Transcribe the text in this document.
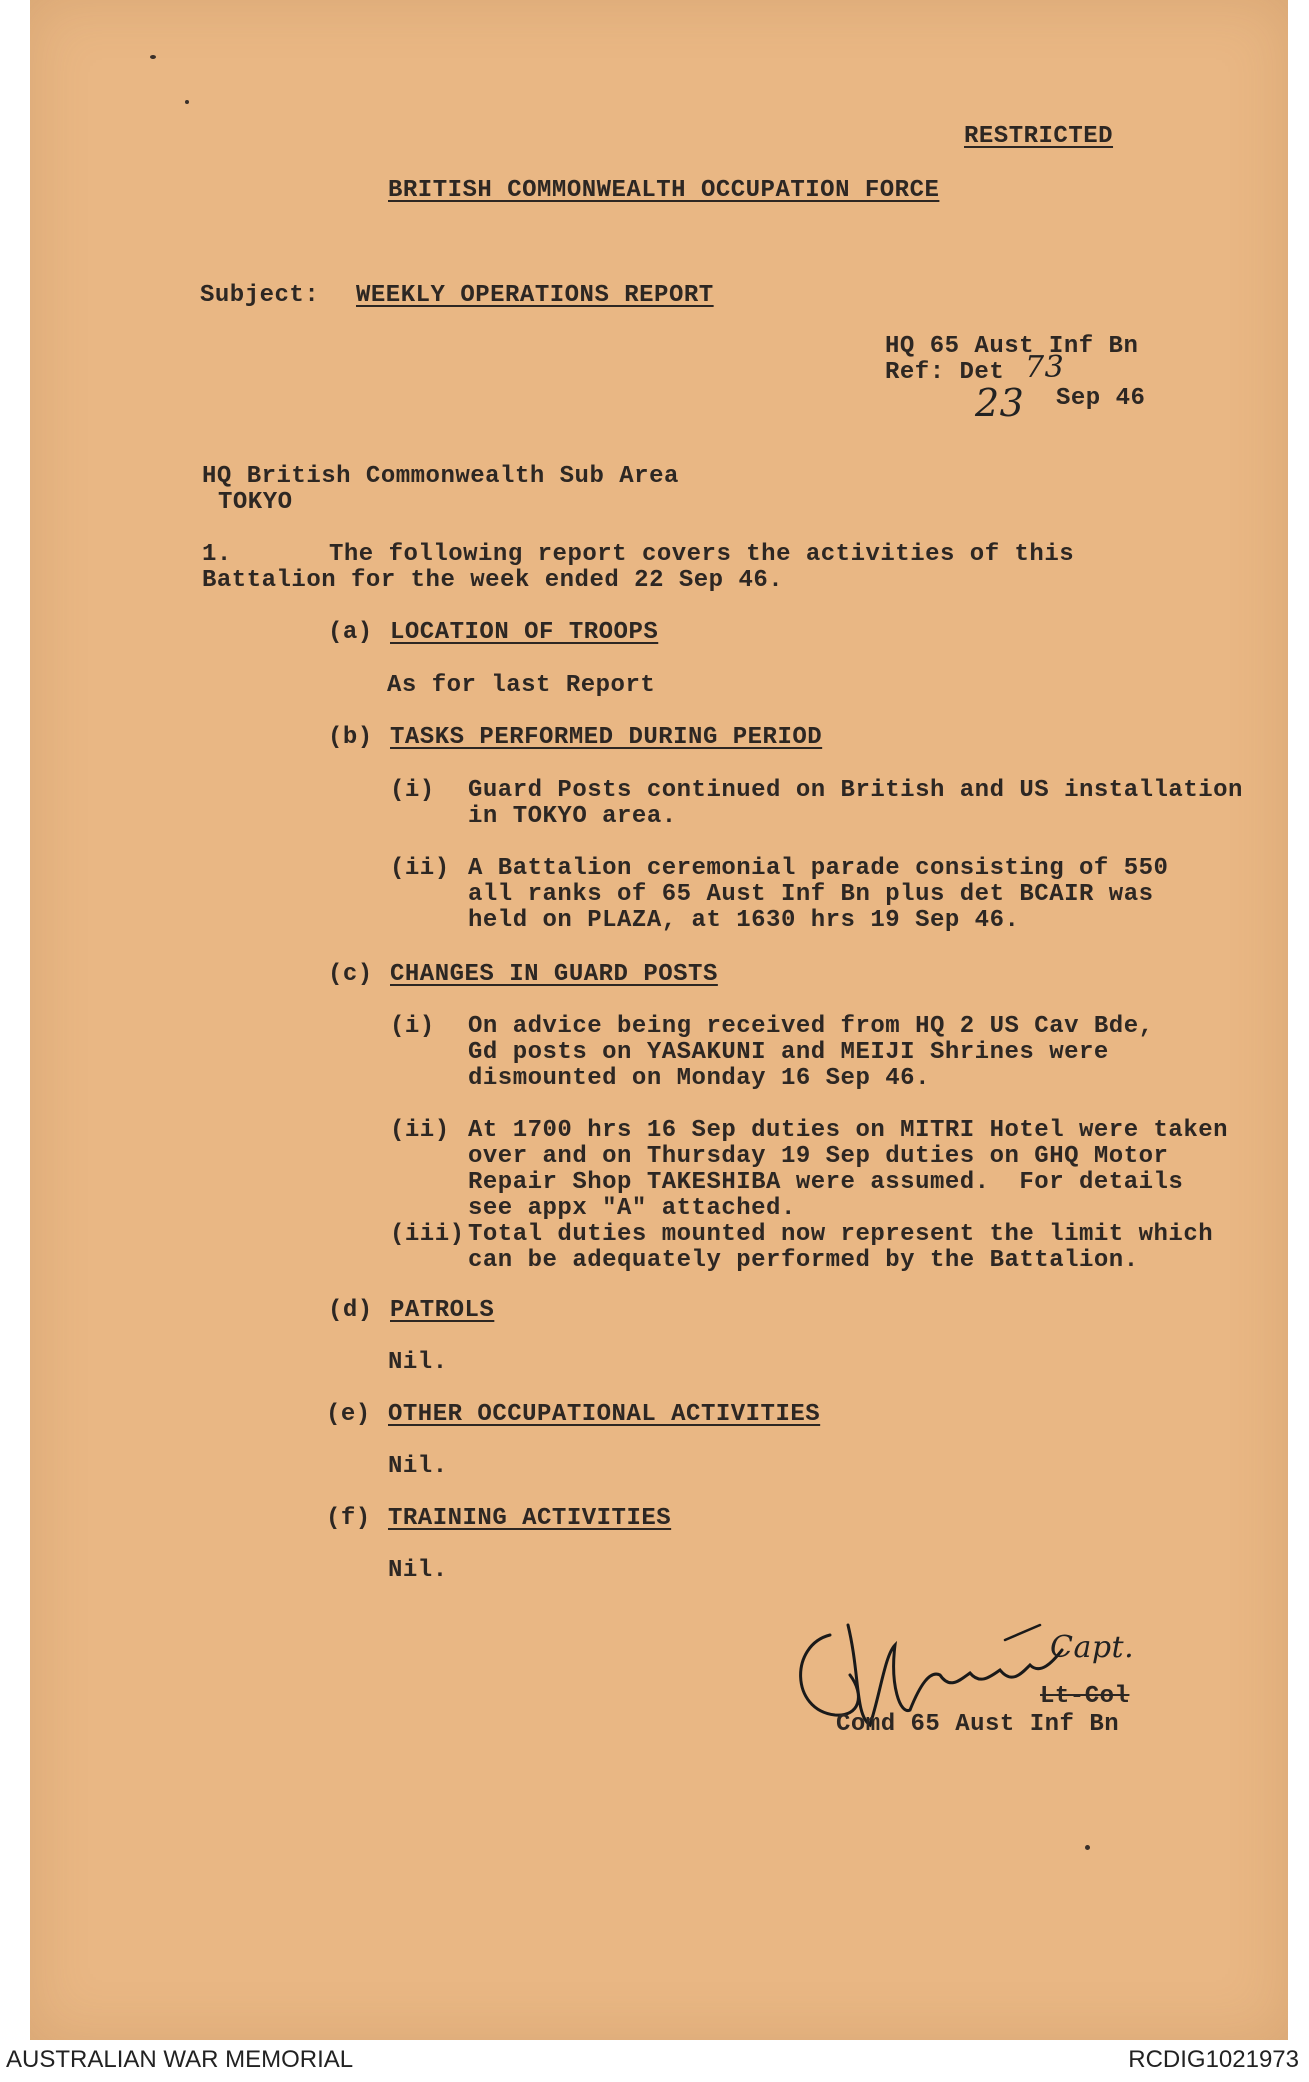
RESTRICTED
BRITISH COMMONWEALTH OCCUPATION FORCE
Subject: WEEKLY OPERATIONS REPORT
HQ 65 Aust Inf Bn
Ref: Det 73
23 Sep 46
HQ British Commonwealth Sub Area
TOKYO
1.	The following report covers the activities of this
Battalion for the week ended 22 Sep 46.
(a) LOCATION OF TROOPS
As for last Report
(b) TASKS PERFORMED DURING PERIOD
(i) Guard Posts continued on British and US installation
in TOKYO area.
(ii) A Battalion ceremonial parade consisting of 550
all ranks of 65 Aust Inf Bn plus det BCAIR was
held on PLAZA, at 1630 hrs 19 Sep 46.
(c) CHANGES IN GUARD POSTS
(i) On advice being received from HQ 2 US Cav Bde,
Gd posts on YASAKUNI and MEIJI Shrines were
dismounted on Monday 16 Sep 46.
(ii) At 1700 hrs 16 Sep duties on MITRI Hotel were taken
over and on Thursday 19 Sep duties on GHQ Motor
Repair Shop TAKESHIBA were assumed.  For details
see appx "A" attached.
(iii) Total duties mounted now represent the limit which
can be adequately performed by the Battalion.
(d) PATROLS
Nil.
(e) OTHER OCCUPATIONAL ACTIVITIES
Nil.
(f) TRAINING ACTIVITIES
Nil.
Capt.
Lt-Col
Comd 65 Aust Inf Bn
AUSTRALIAN WAR MEMORIAL	RCDIG1021973
